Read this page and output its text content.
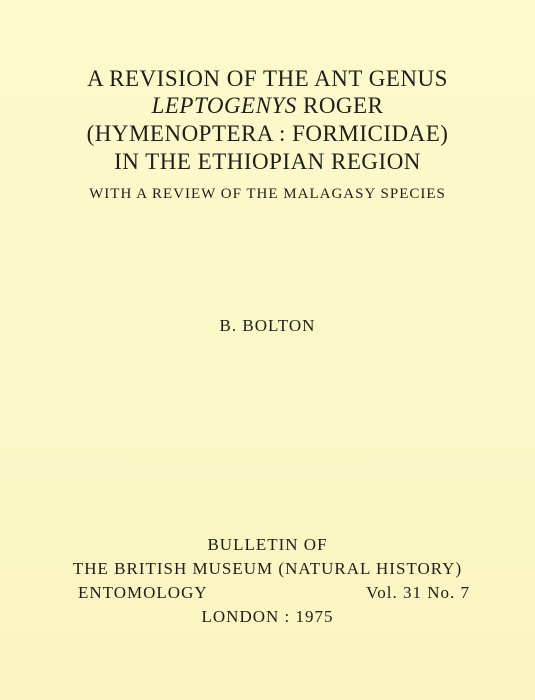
A REVISION OF THE ANT GENUS
LEPTOGENYS ROGER
(HYMENOPTERA : FORMICIDAE)
IN THE ETHIOPIAN REGION
WITH A REVIEW OF THE MALAGASY SPECIES
B. BOLTON
BULLETIN OF
THE BRITISH MUSEUM (NATURAL HISTORY)
ENTOMOLOGY	Vol. 31 No. 7
LONDON : 1975
